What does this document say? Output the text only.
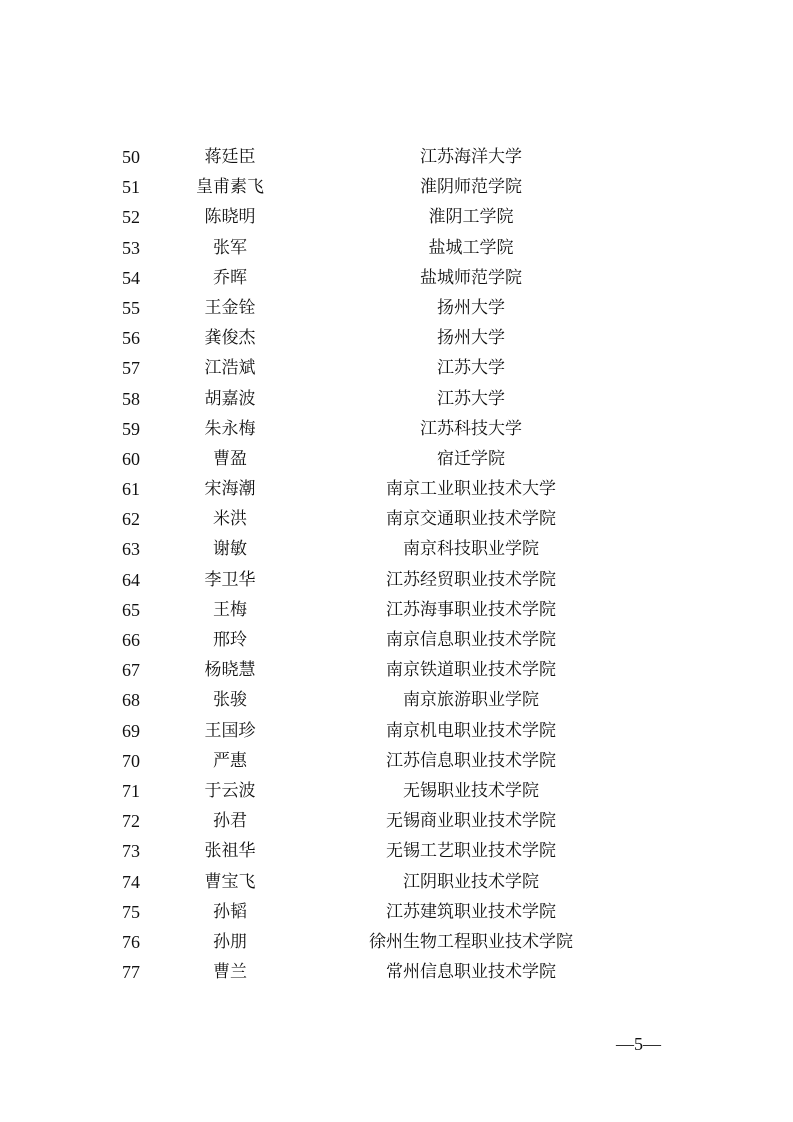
50	蒋廷臣	江苏海洋大学
51	皇甫素飞	淮阴师范学院
52	陈晓明	淮阴工学院
53	张军	盐城工学院
54	乔晖	盐城师范学院
55	王金铨	扬州大学
56	龚俊杰	扬州大学
57	江浩斌	江苏大学
58	胡嘉波	江苏大学
59	朱永梅	江苏科技大学
60	曹盈	宿迁学院
61	宋海潮	南京工业职业技术大学
62	米洪	南京交通职业技术学院
63	谢敏	南京科技职业学院
64	李卫华	江苏经贸职业技术学院
65	王梅	江苏海事职业技术学院
66	邢玲	南京信息职业技术学院
67	杨晓慧	南京铁道职业技术学院
68	张骏	南京旅游职业学院
69	王国珍	南京机电职业技术学院
70	严惠	江苏信息职业技术学院
71	于云波	无锡职业技术学院
72	孙君	无锡商业职业技术学院
73	张祖华	无锡工艺职业技术学院
74	曹宝飞	江阴职业技术学院
75	孙韬	江苏建筑职业技术学院
76	孙朋	徐州生物工程职业技术学院
77	曹兰	常州信息职业技术学院
—5—
